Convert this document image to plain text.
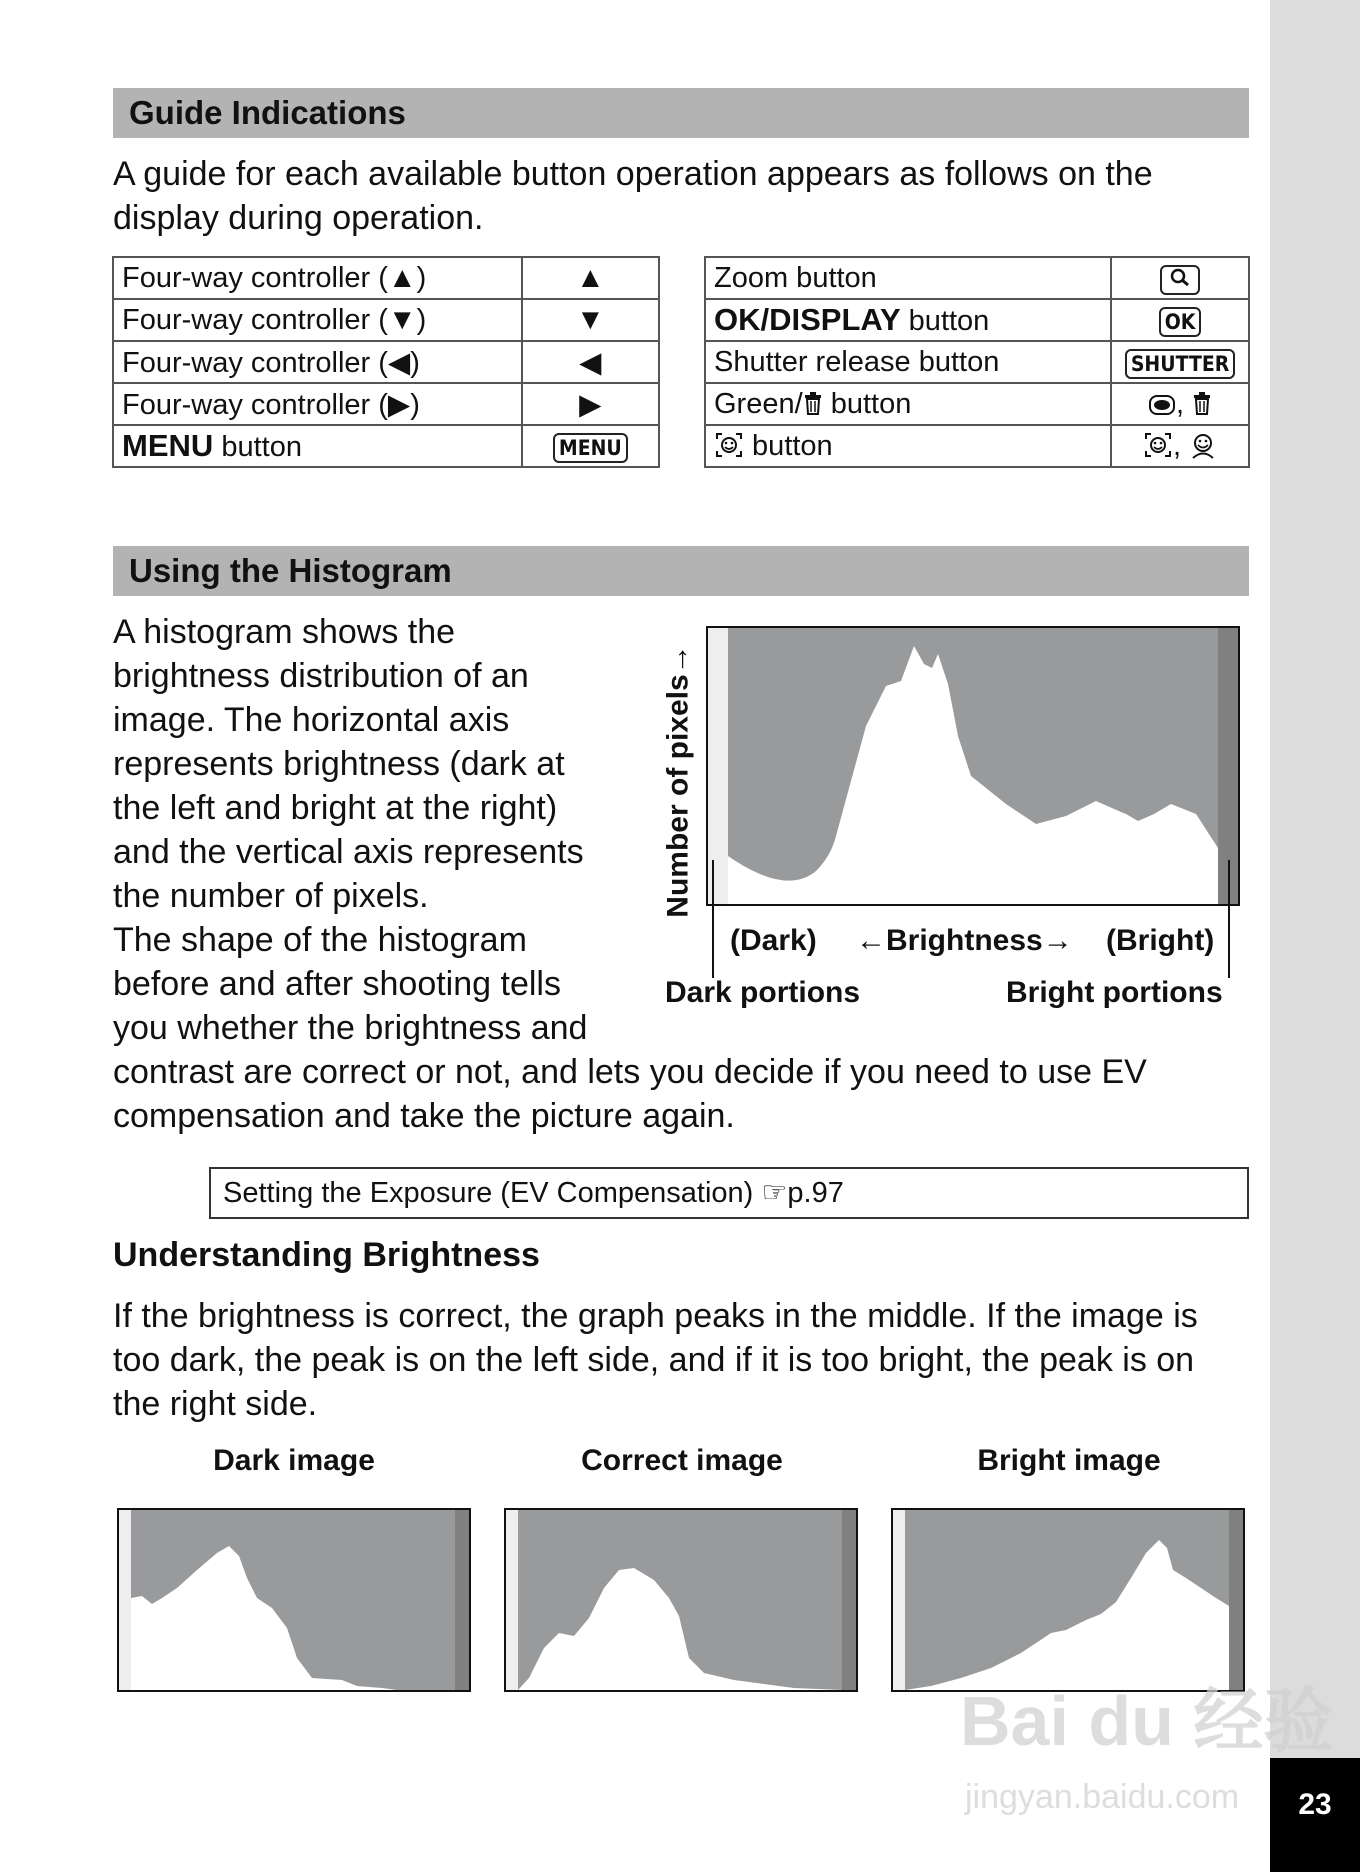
23
Guide Indications
A guide for each available button operation appears as follows on the
display during operation.
Four-way controller (▲)	▲
Four-way controller (▼)	▼
Four-way controller (◀)	◀
Four-way controller (▶)	▶
MENU button	MENU
Zoom button	
OK/DISPLAY button	OK
Shutter release button	SHUTTER
Green/ button	,
button	,
Using the Histogram
A histogram shows the
brightness distribution of an
image. The horizontal axis
represents brightness (dark at
the left and bright at the right)
and the vertical axis represents
the number of pixels.
The shape of the histogram
before and after shooting tells
you whether the brightness and
contrast are correct or not, and lets you decide if you need to use EV
compensation and take the picture again.
Number of pixels→
(Dark) ←Brightness→ (Bright)
Dark portions	Bright portions
Setting the Exposure (EV Compensation) ☞p.97
Understanding Brightness
If the brightness is correct, the graph peaks in the middle. If the image is
too dark, the peak is on the left side, and if it is too bright, the peak is on
the right side.
Dark image	Correct image	Bright image
Bai du 经验
jingyan.baidu.com
